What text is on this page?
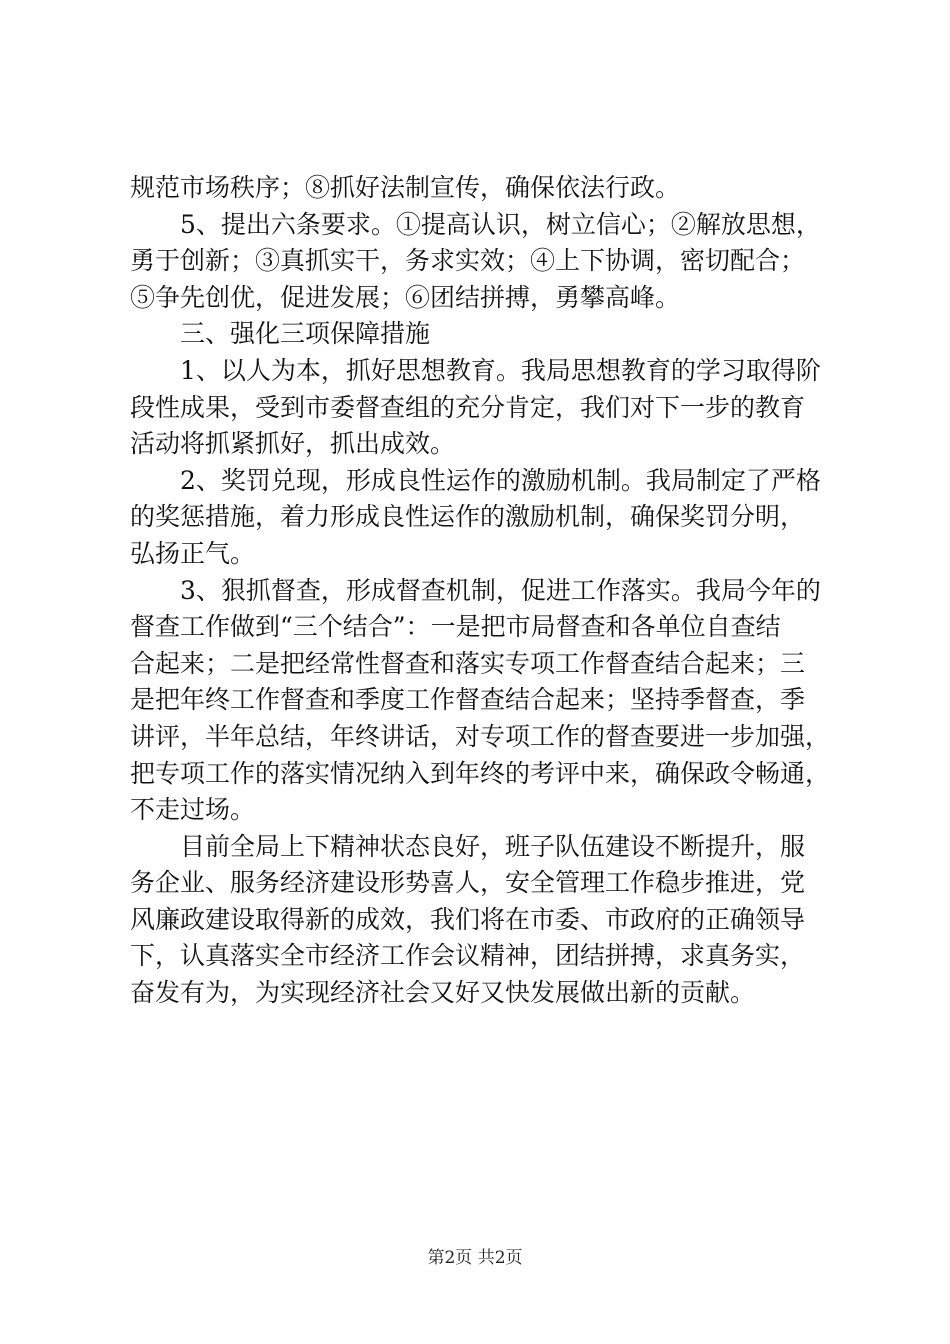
规范市场秩序；⑧抓好法制宣传，确保依法行政。
　　5、提出六条要求。①提高认识，树立信心；②解放思想，
勇于创新；③真抓实干，务求实效；④上下协调，密切配合；
⑤争先创优，促进发展；⑥团结拼搏，勇攀高峰。
　　三、强化三项保障措施
　　1、以人为本，抓好思想教育。我局思想教育的学习取得阶
段性成果，受到市委督查组的充分肯定，我们对下一步的教育
活动将抓紧抓好，抓出成效。
　　2、奖罚兑现，形成良性运作的激励机制。我局制定了严格
的奖惩措施，着力形成良性运作的激励机制，确保奖罚分明，
弘扬正气。
　　3、狠抓督查，形成督查机制，促进工作落实。我局今年的
督查工作做到“三个结合”：一是把市局督查和各单位自查结
合起来；二是把经常性督查和落实专项工作督查结合起来；三
是把年终工作督查和季度工作督查结合起来；坚持季督查，季
讲评，半年总结，年终讲话，对专项工作的督查要进一步加强，
把专项工作的落实情况纳入到年终的考评中来，确保政令畅通，
不走过场。
　　目前全局上下精神状态良好，班子队伍建设不断提升，服
务企业、服务经济建设形势喜人，安全管理工作稳步推进，党
风廉政建设取得新的成效，我们将在市委、市政府的正确领导
下，认真落实全市经济工作会议精神，团结拼搏，求真务实，
奋发有为，为实现经济社会又好又快发展做出新的贡献。
第2页 共2页
